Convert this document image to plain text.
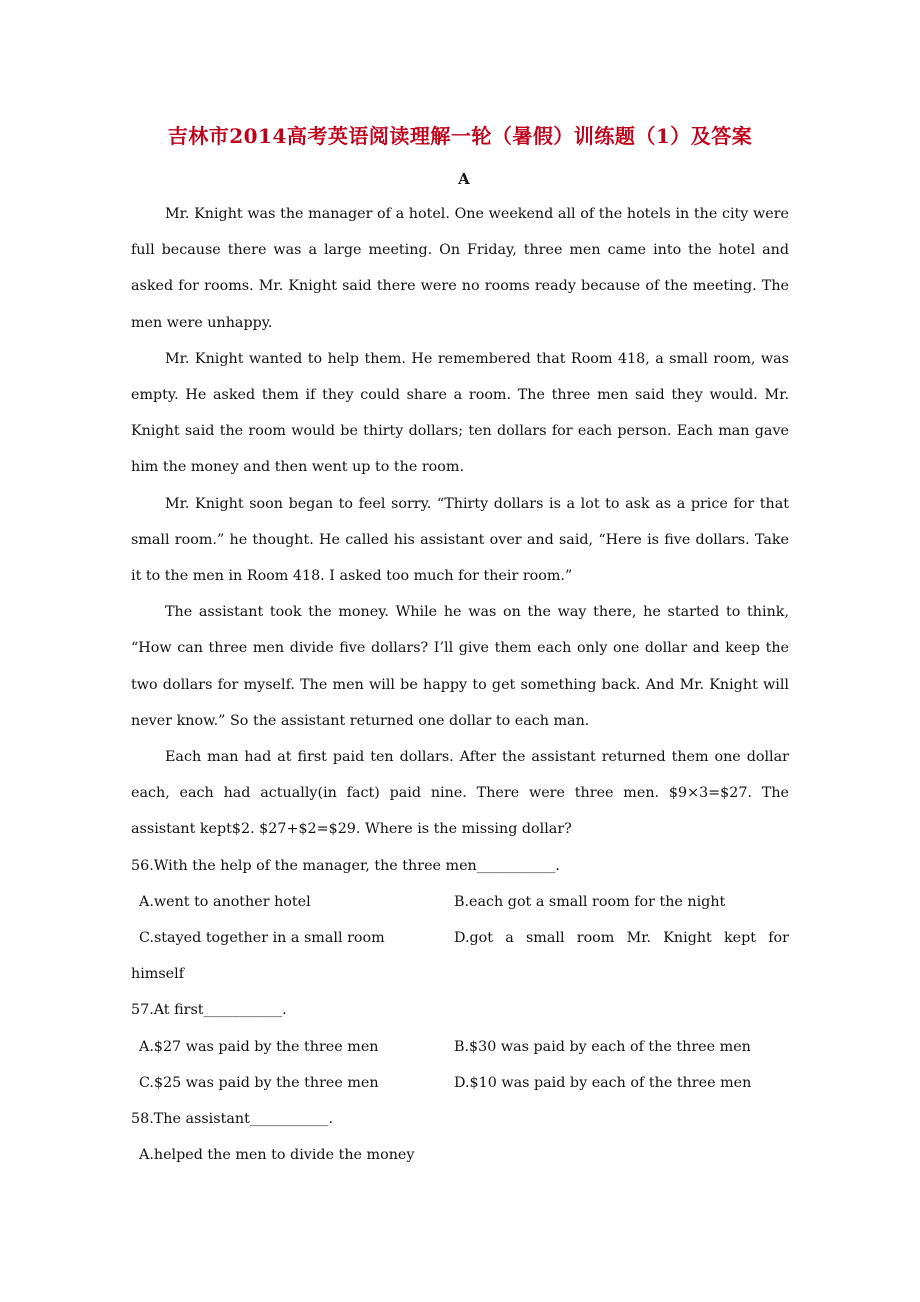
吉林市2014高考英语阅读理解一轮（暑假）训练题（1）及答案
A

Mr. Knight was the manager of a hotel. One weekend all of the hotels in the city were full because there was a large meeting. On Friday, three men came into the hotel and asked for rooms. Mr. Knight said there were no rooms ready because of the meeting. The men were unhappy.

Mr. Knight wanted to help them. He remembered that Room 418, a small room, was empty. He asked them if they could share a room. The three men said they would. Mr. Knight said the room would be thirty dollars; ten dollars for each person. Each man gave him the money and then went up to the room.

Mr. Knight soon began to feel sorry. “Thirty dollars is a lot to ask as a price for that small room.” he thought. He called his assistant over and said, “Here is five dollars. Take it to the men in Room 418. I asked too much for their room.”

The assistant took the money. While he was on the way there, he started to think, “How can three men divide five dollars? I’ll give them each only one dollar and keep the two dollars for myself. The men will be happy to get something back. And Mr. Knight will never know.” So the assistant returned one dollar to each man.

Each man had at first paid ten dollars. After the assistant returned them one dollar each, each had actually(in fact) paid nine. There were three men. $9×3=$27. The assistant kept$2. $27+$2=$29. Where is the missing dollar?

56.With the help of the manager, the three men___________.
A.went to another hotel	B.each got a small room for the night
C.stayed together in a small room	D.got a small room Mr. Knight kept for
himself
57.At first___________.
A.$27 was paid by the three men	B.$30 was paid by each of the three men
C.$25 was paid by the three men	D.$10 was paid by each of the three men
58.The assistant___________.
A.helped the men to divide the money
